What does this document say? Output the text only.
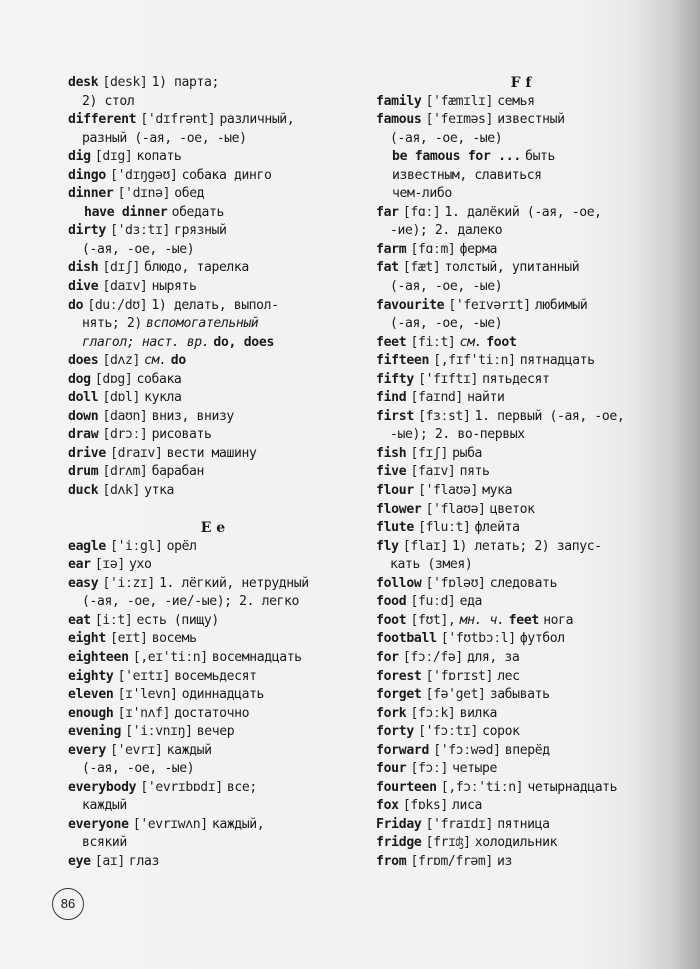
desk [desk] 1) парта;
2) стол
different ['dɪfrənt] различный,
разный (-ая, -ое, -ые)
dig [dɪg] копать
dingo ['dɪŋgəʊ] собака динго
dinner ['dɪnə] обед
have dinner обедать
dirty ['dɜːtɪ] грязный
(-ая, -ое, -ые)
dish [dɪʃ] блюдо, тарелка
dive [daɪv] нырять
do [duː/dʊ] 1) делать, выпол-
нять; 2) вспомогательный
глагол; наст. вр. do, does
does [dʌz] см. do
dog [dɒg] собака
doll [dɒl] кукла
down [daʊn] вниз, внизу
draw [drɔː] рисовать
drive [draɪv] вести машину
drum [drʌm] барабан
duck [dʌk] утка
E e
eagle ['iːgl] орёл
ear [ɪə] ухо
easy ['iːzɪ] 1. лёгкий, нетрудный
(-ая, -ое, -ие/-ые); 2. легко
eat [iːt] есть (пищу)
eight [eɪt] восемь
eighteen [,eɪ'tiːn] восемнадцать
eighty ['eɪtɪ] восемьдесят
eleven [ɪ'levn] одиннадцать
enough [ɪ'nʌf] достаточно
evening ['iːvnɪŋ] вечер
every ['evrɪ] каждый
(-ая, -ое, -ые)
everybody ['evrɪbɒdɪ] все;
каждый
everyone ['evrɪwʌn] каждый,
всякий
eye [aɪ] глаз
F f
family ['fæmɪlɪ] семья
famous ['feɪməs] известный
(-ая, -ое, -ые)
be famous for ... быть
известным, славиться
чем-либо
far [fɑː] 1. далёкий (-ая, -ое,
-ие); 2. далеко
farm [fɑːm] ферма
fat [fæt] толстый, упитанный
(-ая, -ое, -ые)
favourite ['feɪvərɪt] любимый
(-ая, -ое, -ые)
feet [fiːt] см. foot
fifteen [,fɪf'tiːn] пятнадцать
fifty ['fɪftɪ] пятьдесят
find [faɪnd] найти
first [fɜːst] 1. первый (-ая, -ое,
-ые); 2. во-первых
fish [fɪʃ] рыба
five [faɪv] пять
flour ['flaʊə] мука
flower ['flaʊə] цветок
flute [fluːt] флейта
fly [flaɪ] 1) летать; 2) запус-
кать (змея)
follow ['fɒləʊ] следовать
food [fuːd] еда
foot [fʊt], мн. ч. feet нога
football ['fʊtbɔːl] футбол
for [fɔː/fə] для, за
forest ['fɒrɪst] лес
forget [fə'get] забывать
fork [fɔːk] вилка
forty ['fɔːtɪ] сорок
forward ['fɔːwəd] вперёд
four [fɔː] четыре
fourteen [,fɔː'tiːn] четырнадцать
fox [fɒks] лиса
Friday ['fraɪdɪ] пятница
fridge [frɪʤ] холодильник
from [frɒm/frəm] из
86
